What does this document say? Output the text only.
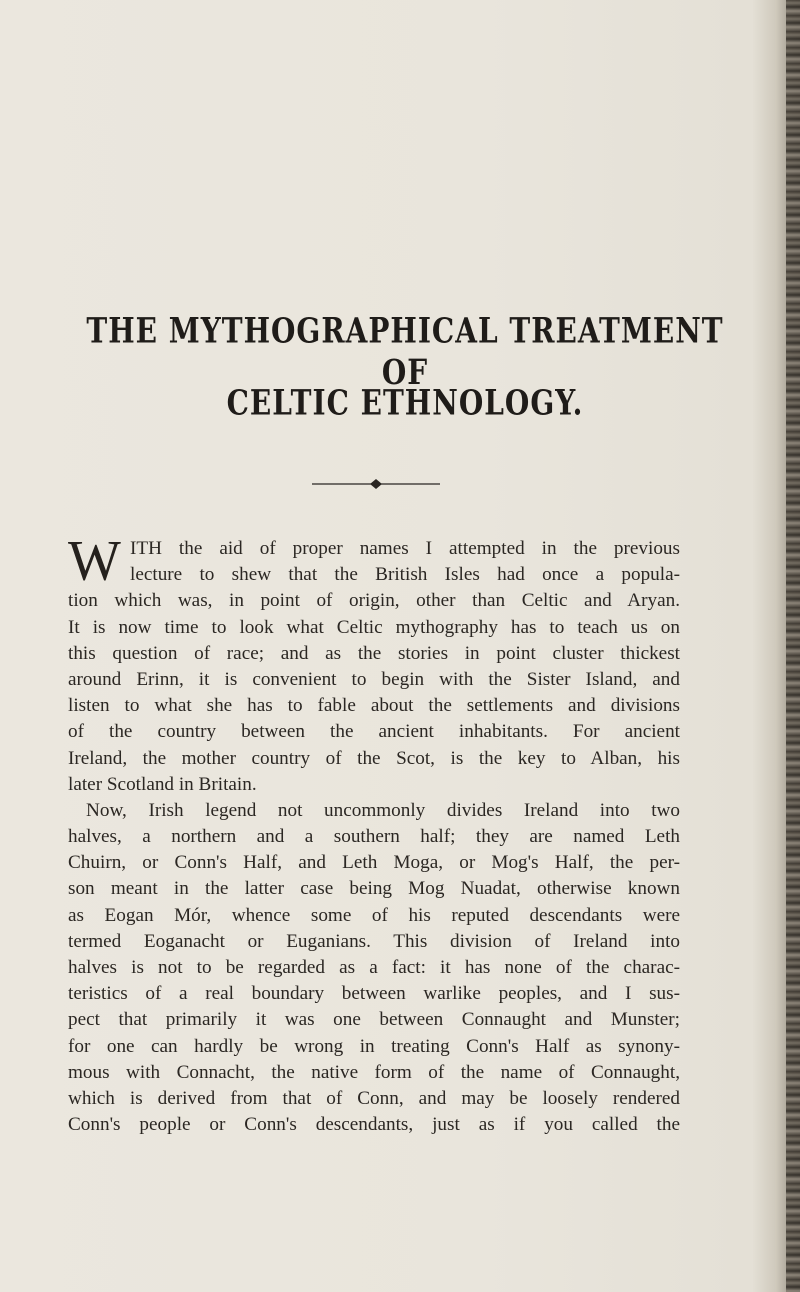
THE MYTHOGRAPHICAL TREATMENT OF
CELTIC ETHNOLOGY.
W ITH the aid of proper names I attempted in the previous
lecture to shew that the British Isles had once a popula-
tion which was, in point of origin, other than Celtic and Aryan.
It is now time to look what Celtic mythography has to teach us on
this question of race; and as the stories in point cluster thickest
around Erinn, it is convenient to begin with the Sister Island, and
listen to what she has to fable about the settlements and divisions
of the country between the ancient inhabitants. For ancient
Ireland, the mother country of the Scot, is the key to Alban, his
later Scotland in Britain.
Now, Irish legend not uncommonly divides Ireland into two
halves, a northern and a southern half; they are named Leth
Chuirn, or Conn's Half, and Leth Moga, or Mog's Half, the per-
son meant in the latter case being Mog Nuadat, otherwise known
as Eogan Mór, whence some of his reputed descendants were
termed Eoganacht or Euganians. This division of Ireland into
halves is not to be regarded as a fact: it has none of the charac-
teristics of a real boundary between warlike peoples, and I sus-
pect that primarily it was one between Connaught and Munster;
for one can hardly be wrong in treating Conn's Half as synony-
mous with Connacht, the native form of the name of Connaught,
which is derived from that of Conn, and may be loosely rendered
Conn's people or Conn's descendants, just as if you called the
